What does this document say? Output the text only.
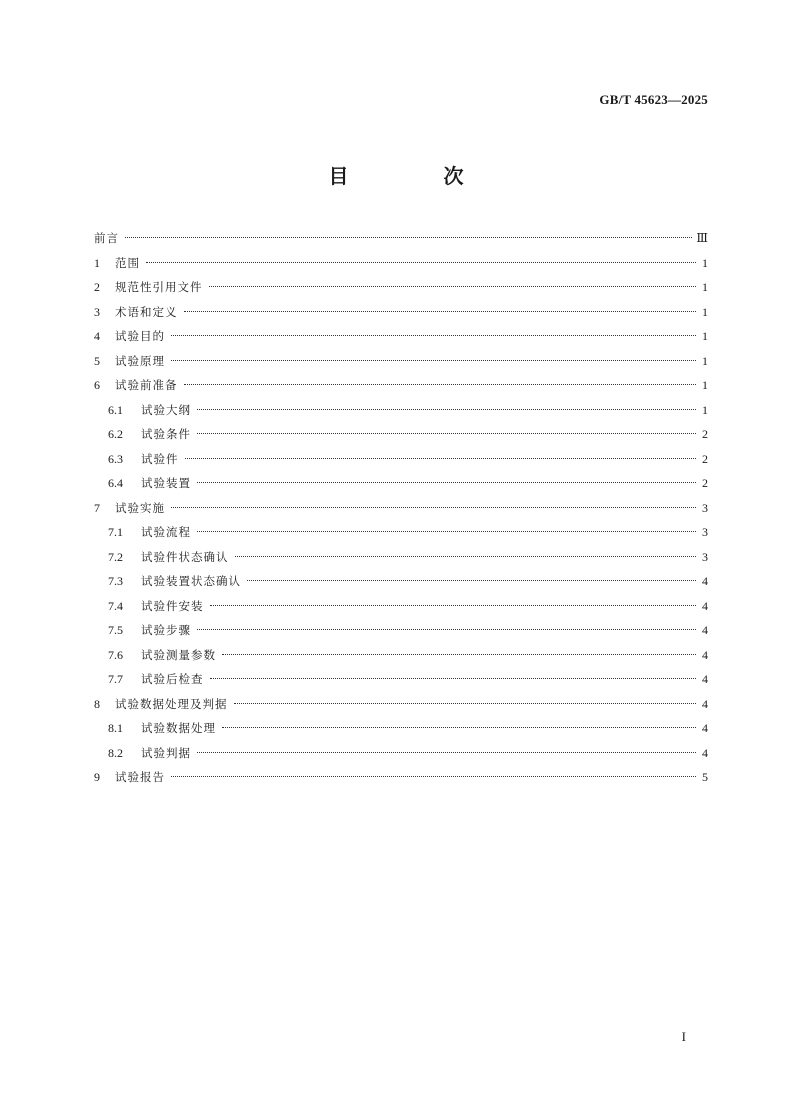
GB/T 45623—2025
目 次
前言	Ⅲ
1	范围	1
2	规范性引用文件	1
3	术语和定义	1
4	试验目的	1
5	试验原理	1
6	试验前准备	1
6.1	试验大纲	1
6.2	试验条件	2
6.3	试验件	2
6.4	试验装置	2
7	试验实施	3
7.1	试验流程	3
7.2	试验件状态确认	3
7.3	试验装置状态确认	4
7.4	试验件安装	4
7.5	试验步骤	4
7.6	试验测量参数	4
7.7	试验后检查	4
8	试验数据处理及判据	4
8.1	试验数据处理	4
8.2	试验判据	4
9	试验报告	5
I
